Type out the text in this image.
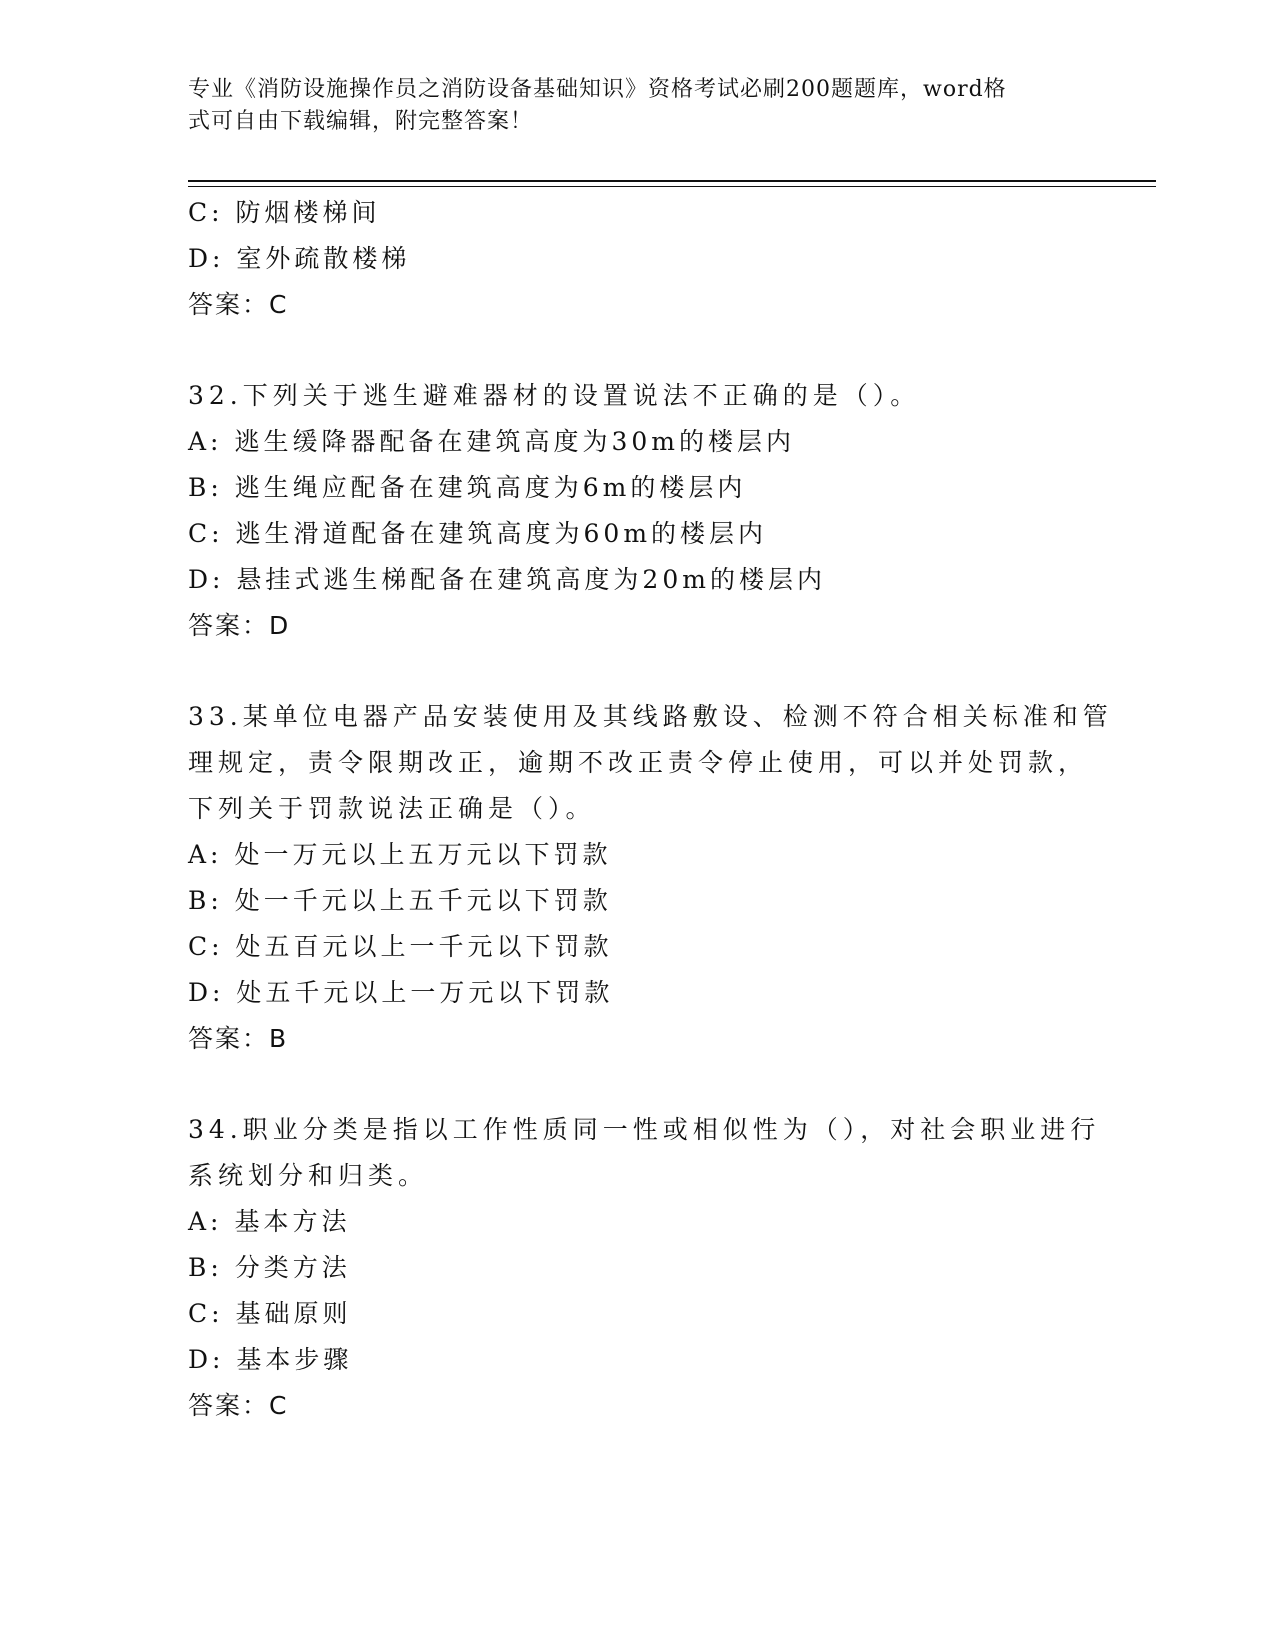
专业《消防设施操作员之消防设备基础知识》资格考试必刷200题题库，word格
式可自由下载编辑，附完整答案！
C: 防烟楼梯间
D: 室外疏散楼梯
答案：C
32.下列关于逃生避难器材的设置说法不正确的是（）。
A: 逃生缓降器配备在建筑高度为30m的楼层内
B: 逃生绳应配备在建筑高度为6m的楼层内
C: 逃生滑道配备在建筑高度为60m的楼层内
D: 悬挂式逃生梯配备在建筑高度为20m的楼层内
答案：D
33.某单位电器产品安装使用及其线路敷设、检测不符合相关标准和管
理规定，责令限期改正，逾期不改正责令停止使用，可以并处罚款，
下列关于罚款说法正确是（）。
A: 处一万元以上五万元以下罚款
B: 处一千元以上五千元以下罚款
C: 处五百元以上一千元以下罚款
D: 处五千元以上一万元以下罚款
答案：B
34.职业分类是指以工作性质同一性或相似性为（），对社会职业进行
系统划分和归类。
A: 基本方法
B: 分类方法
C: 基础原则
D: 基本步骤
答案：C
